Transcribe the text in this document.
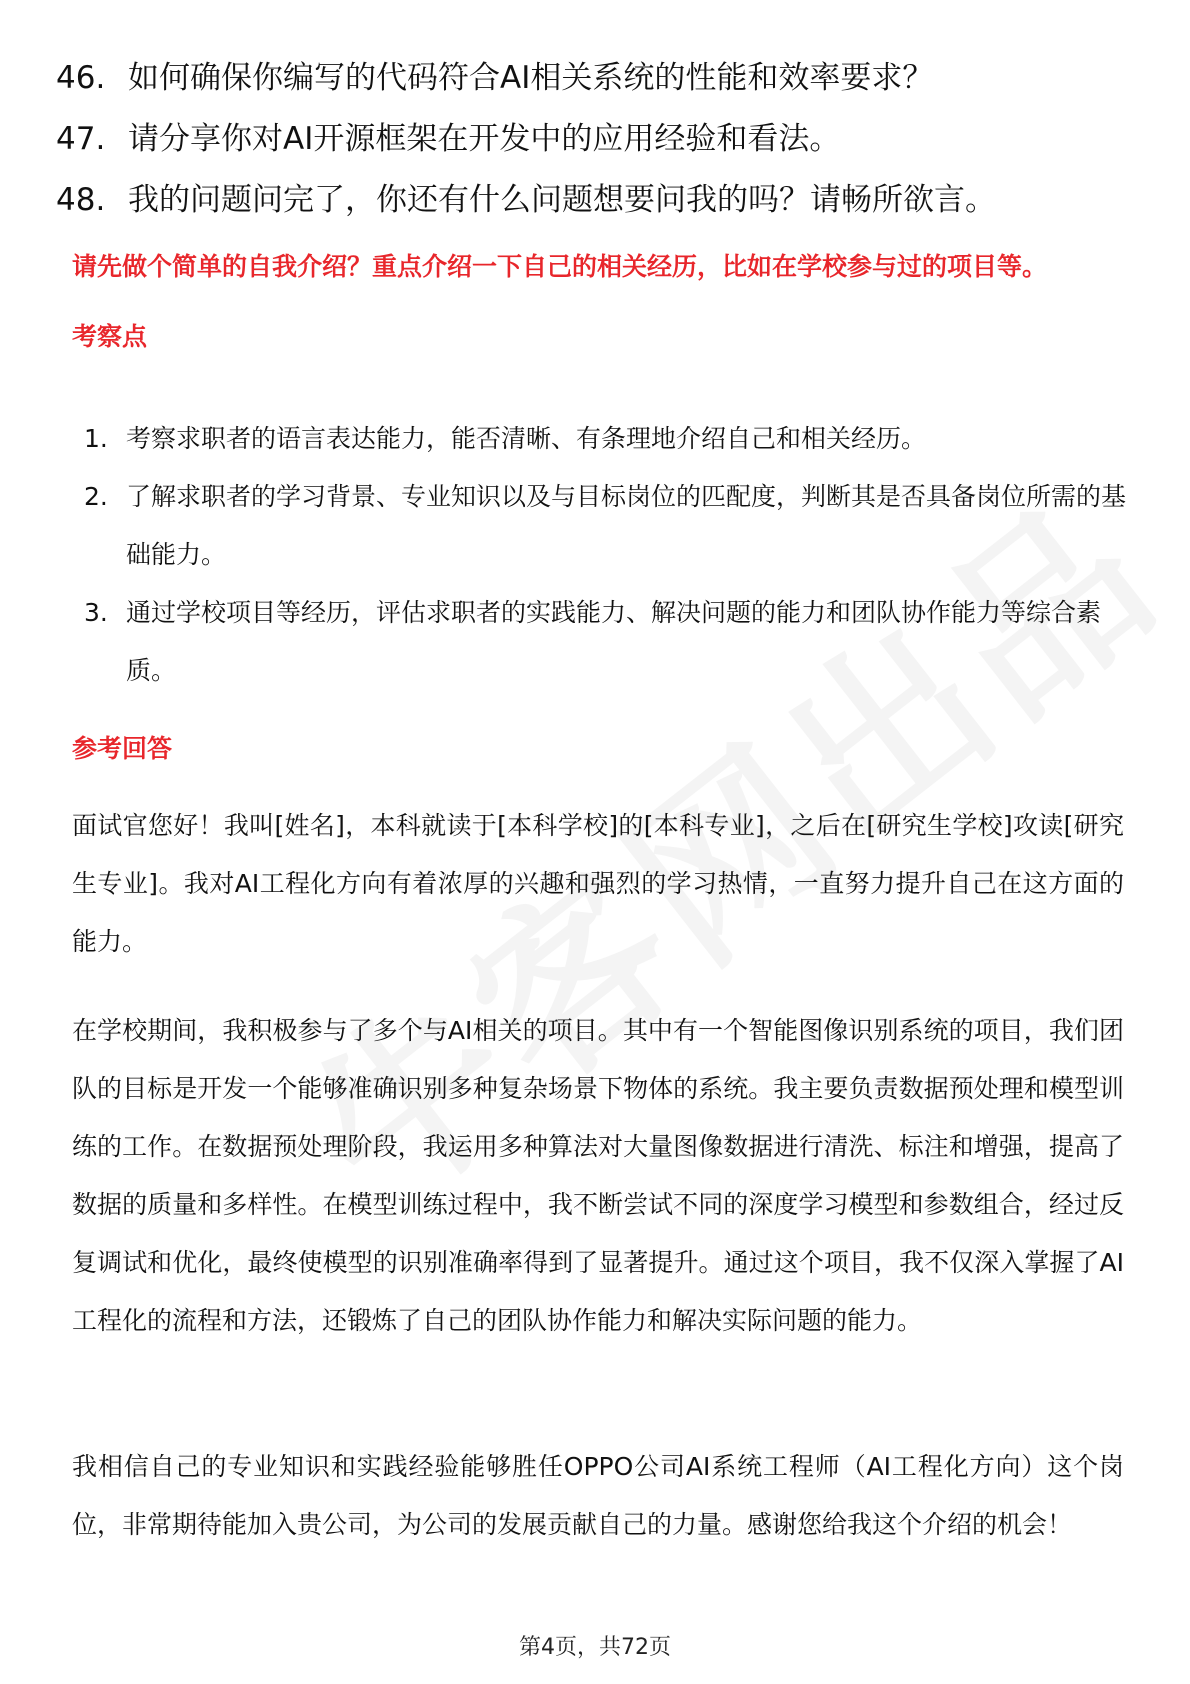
46. 如何确保你编写的代码符合AI相关系统的性能和效率要求？
47. 请分享你对AI开源框架在开发中的应用经验和看法。
48. 我的问题问完了，你还有什么问题想要问我的吗？请畅所欲言。
请先做个简单的自我介绍？重点介绍一下自己的相关经历，比如在学校参与过的项目等。
考察点
1. 考察求职者的语言表达能力，能否清晰、有条理地介绍自己和相关经历。
2. 了解求职者的学习背景、专业知识以及与目标岗位的匹配度，判断其是否具备岗位所需的基础能力。
3. 通过学校项目等经历，评估求职者的实践能力、解决问题的能力和团队协作能力等综合素质。
参考回答
面试官您好！我叫[姓名]，本科就读于[本科学校]的[本科专业]，之后在[研究生学校]攻读[研究生专业]。我对AI工程化方向有着浓厚的兴趣和强烈的学习热情，一直努力提升自己在这方面的能力。
在学校期间，我积极参与了多个与AI相关的项目。其中有一个智能图像识别系统的项目，我们团队的目标是开发一个能够准确识别多种复杂场景下物体的系统。我主要负责数据预处理和模型训练的工作。在数据预处理阶段，我运用多种算法对大量图像数据进行清洗、标注和增强，提高了数据的质量和多样性。在模型训练过程中，我不断尝试不同的深度学习模型和参数组合，经过反复调试和优化，最终使模型的识别准确率得到了显著提升。通过这个项目，我不仅深入掌握了AI工程化的流程和方法，还锻炼了自己的团队协作能力和解决实际问题的能力。
我相信自己的专业知识和实践经验能够胜任OPPO公司AI系统工程师（AI工程化方向）这个岗位，非常期待能加入贵公司，为公司的发展贡献自己的力量。感谢您给我这个介绍的机会！
第4页，共72页
